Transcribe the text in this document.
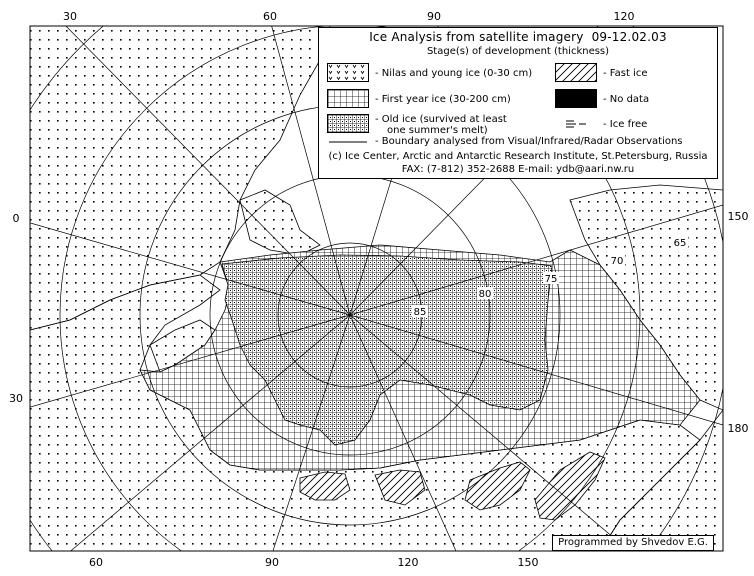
30	60	90	120
60	90	120	150
0
30
150
180
85
80
75
70
65
Ice Analysis from satellite imagery 09-12.02.03
Stage(s) of development (thickness)
- Nilas and young ice (0-30 cm)	- Fast ice
- First year ice (30-200 cm)	- No data
- Old ice (survived at least
one summer's melt)
- Ice free
- Boundary analysed from Visual/Infrared/Radar Observations
(c) Ice Center, Arctic and Antarctic Research Institute, St.Petersburg, Russia
FAX: (7-812) 352-2688 E-mail: ydb@aari.nw.ru
Programmed by Shvedov E.G.
